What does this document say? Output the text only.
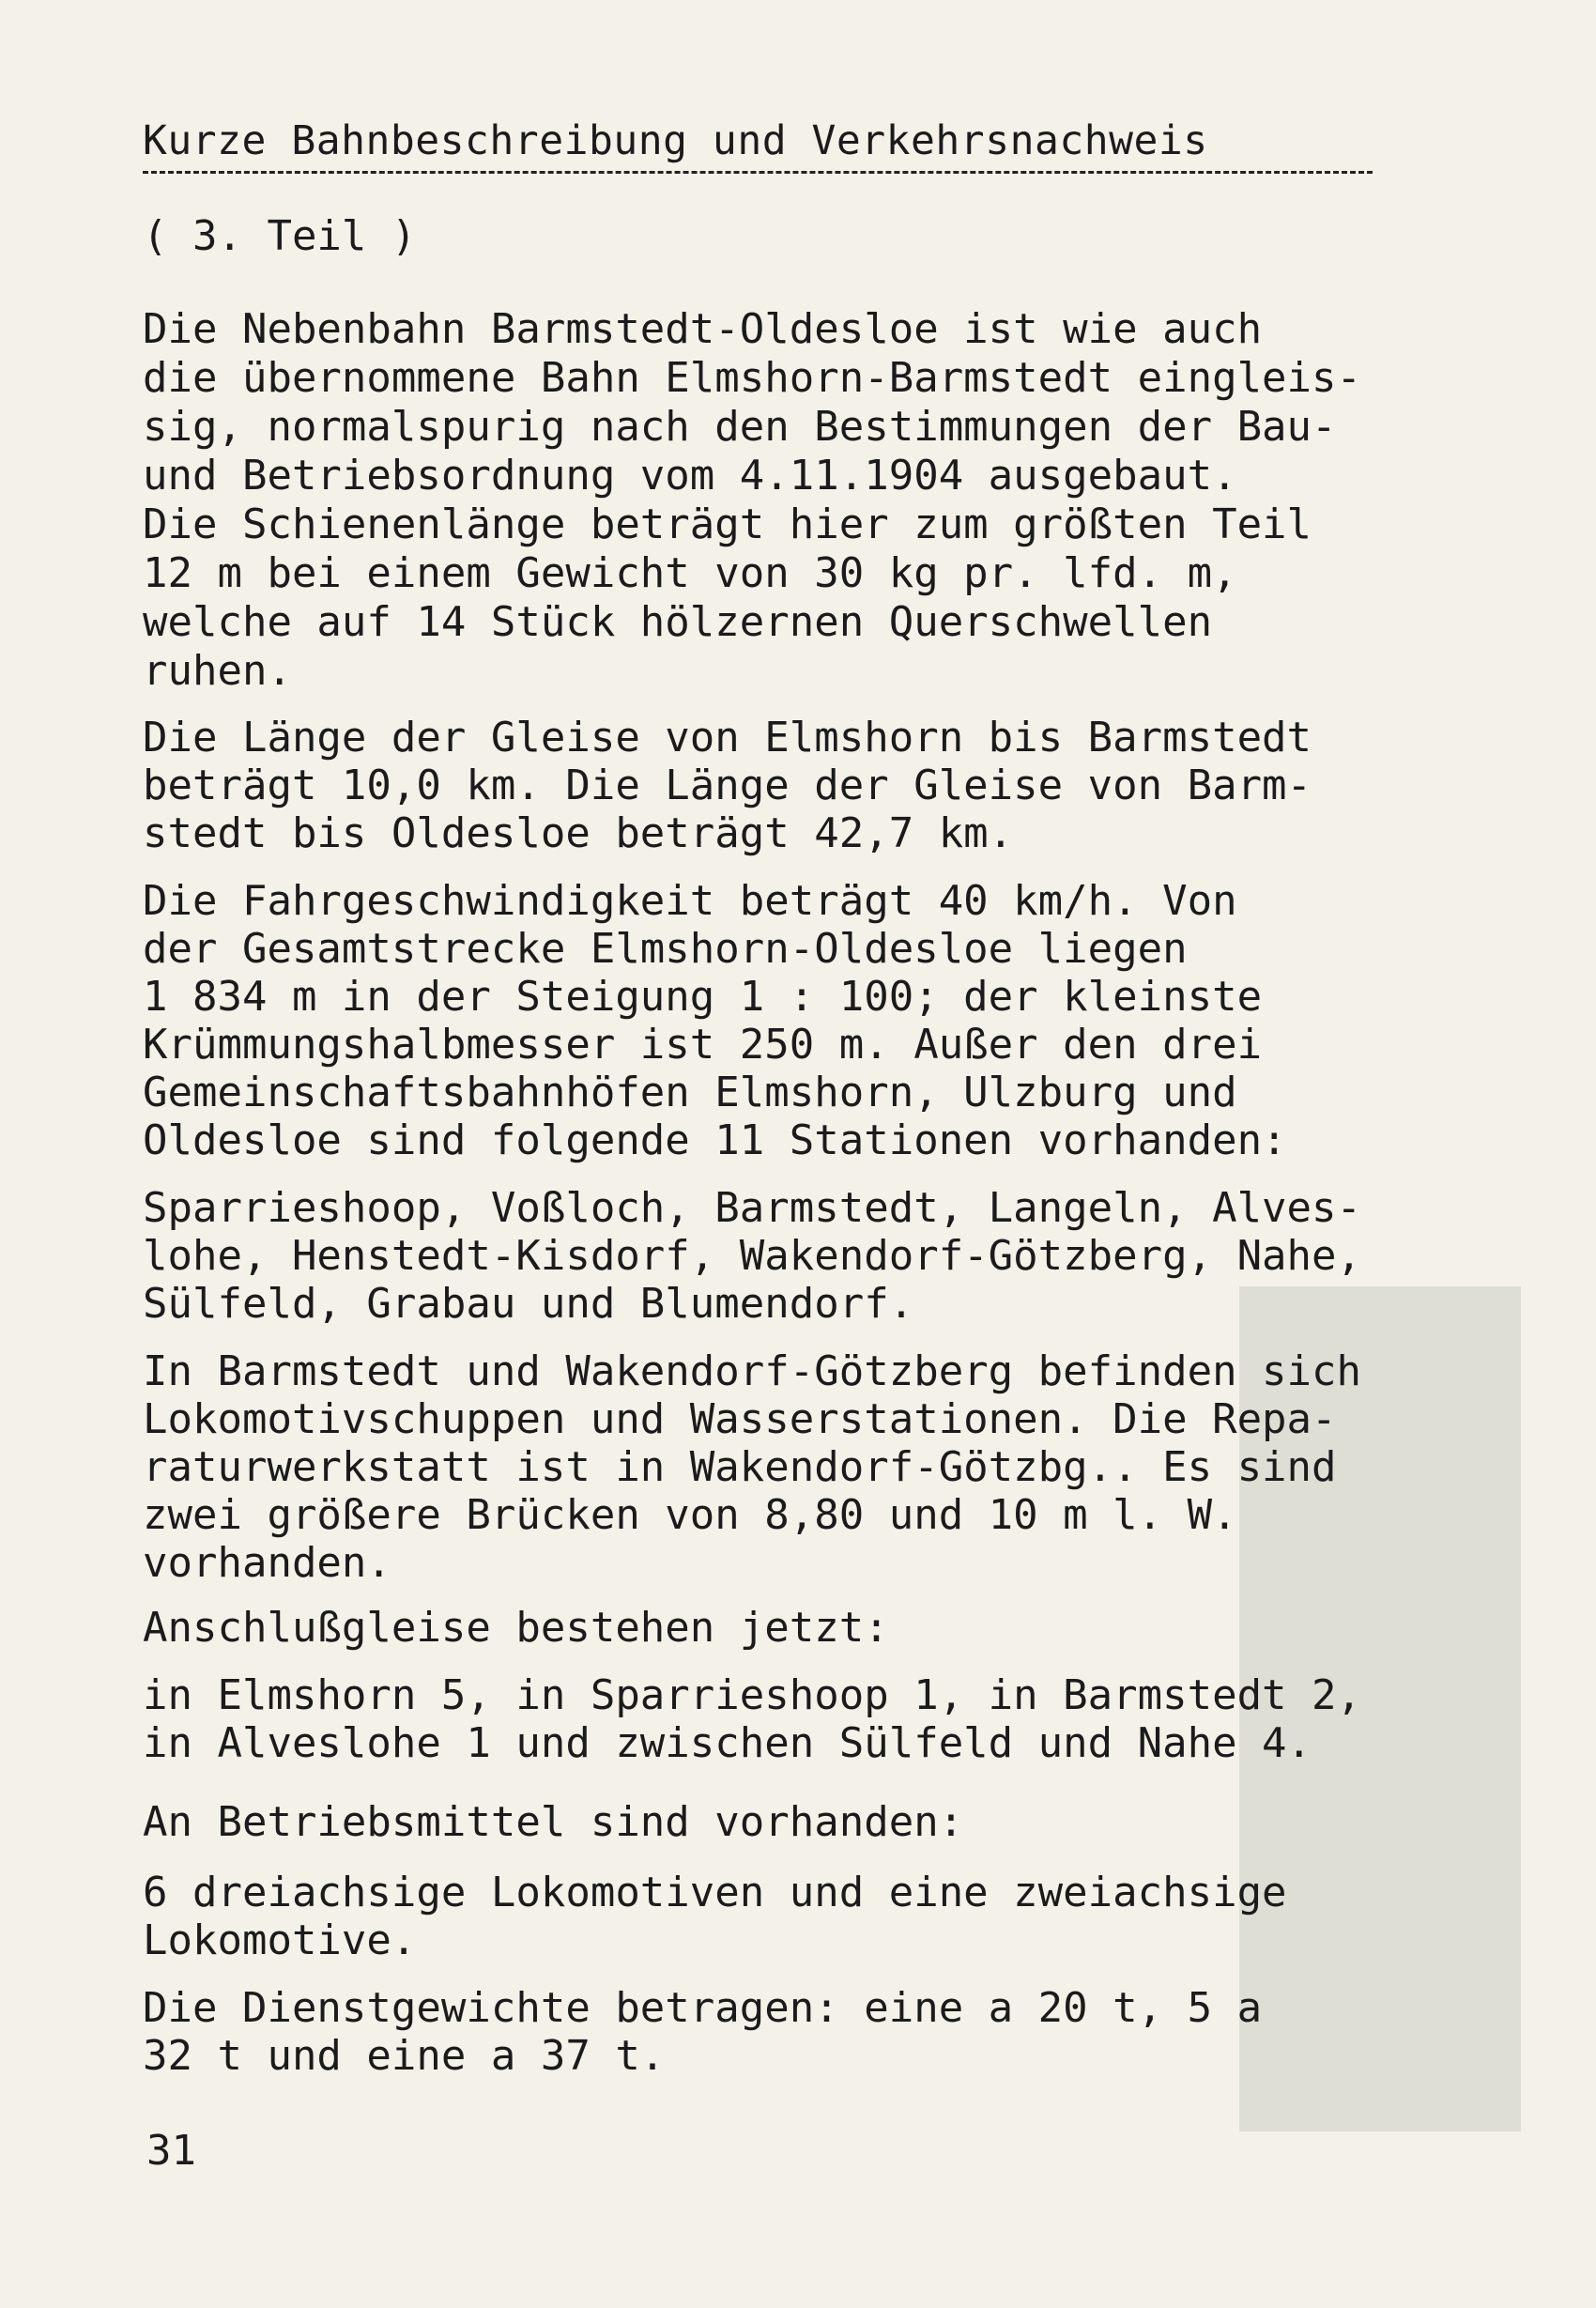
Kurze Bahnbeschreibung und Verkehrsnachweis
( 3. Teil )
Die Nebenbahn Barmstedt-Oldesloe ist wie auch
die übernommene Bahn Elmshorn-Barmstedt eingleis-
sig, normalspurig nach den Bestimmungen der Bau-
und Betriebsordnung vom 4.11.1904 ausgebaut.
Die Schienenlänge beträgt hier zum größten Teil
12 m bei einem Gewicht von 30 kg pr. lfd. m,
welche auf 14 Stück hölzernen Querschwellen
ruhen.
Die Länge der Gleise von Elmshorn bis Barmstedt
beträgt 10,0 km. Die Länge der Gleise von Barm-
stedt bis Oldesloe beträgt 42,7 km.
Die Fahrgeschwindigkeit beträgt 40 km/h. Von
der Gesamtstrecke Elmshorn-Oldesloe liegen
1 834 m in der Steigung 1 : 100; der kleinste
Krümmungshalbmesser ist 250 m. Außer den drei
Gemeinschaftsbahnhöfen Elmshorn, Ulzburg und
Oldesloe sind folgende 11 Stationen vorhanden:
Sparrieshoop, Voßloch, Barmstedt, Langeln, Alves-
lohe, Henstedt-Kisdorf, Wakendorf-Götzberg, Nahe,
Sülfeld, Grabau und Blumendorf.
In Barmstedt und Wakendorf-Götzberg befinden sich
Lokomotivschuppen und Wasserstationen. Die Repa-
raturwerkstatt ist in Wakendorf-Götzbg.. Es sind
zwei größere Brücken von 8,80 und 10 m l. W.
vorhanden.
Anschlußgleise bestehen jetzt:
in Elmshorn 5, in Sparrieshoop 1, in Barmstedt 2,
in Alveslohe 1 und zwischen Sülfeld und Nahe 4.
An Betriebsmittel sind vorhanden:
6 dreiachsige Lokomotiven und eine zweiachsige
Lokomotive.
Die Dienstgewichte betragen: eine a 20 t, 5 a
32 t und eine a 37 t.
31
